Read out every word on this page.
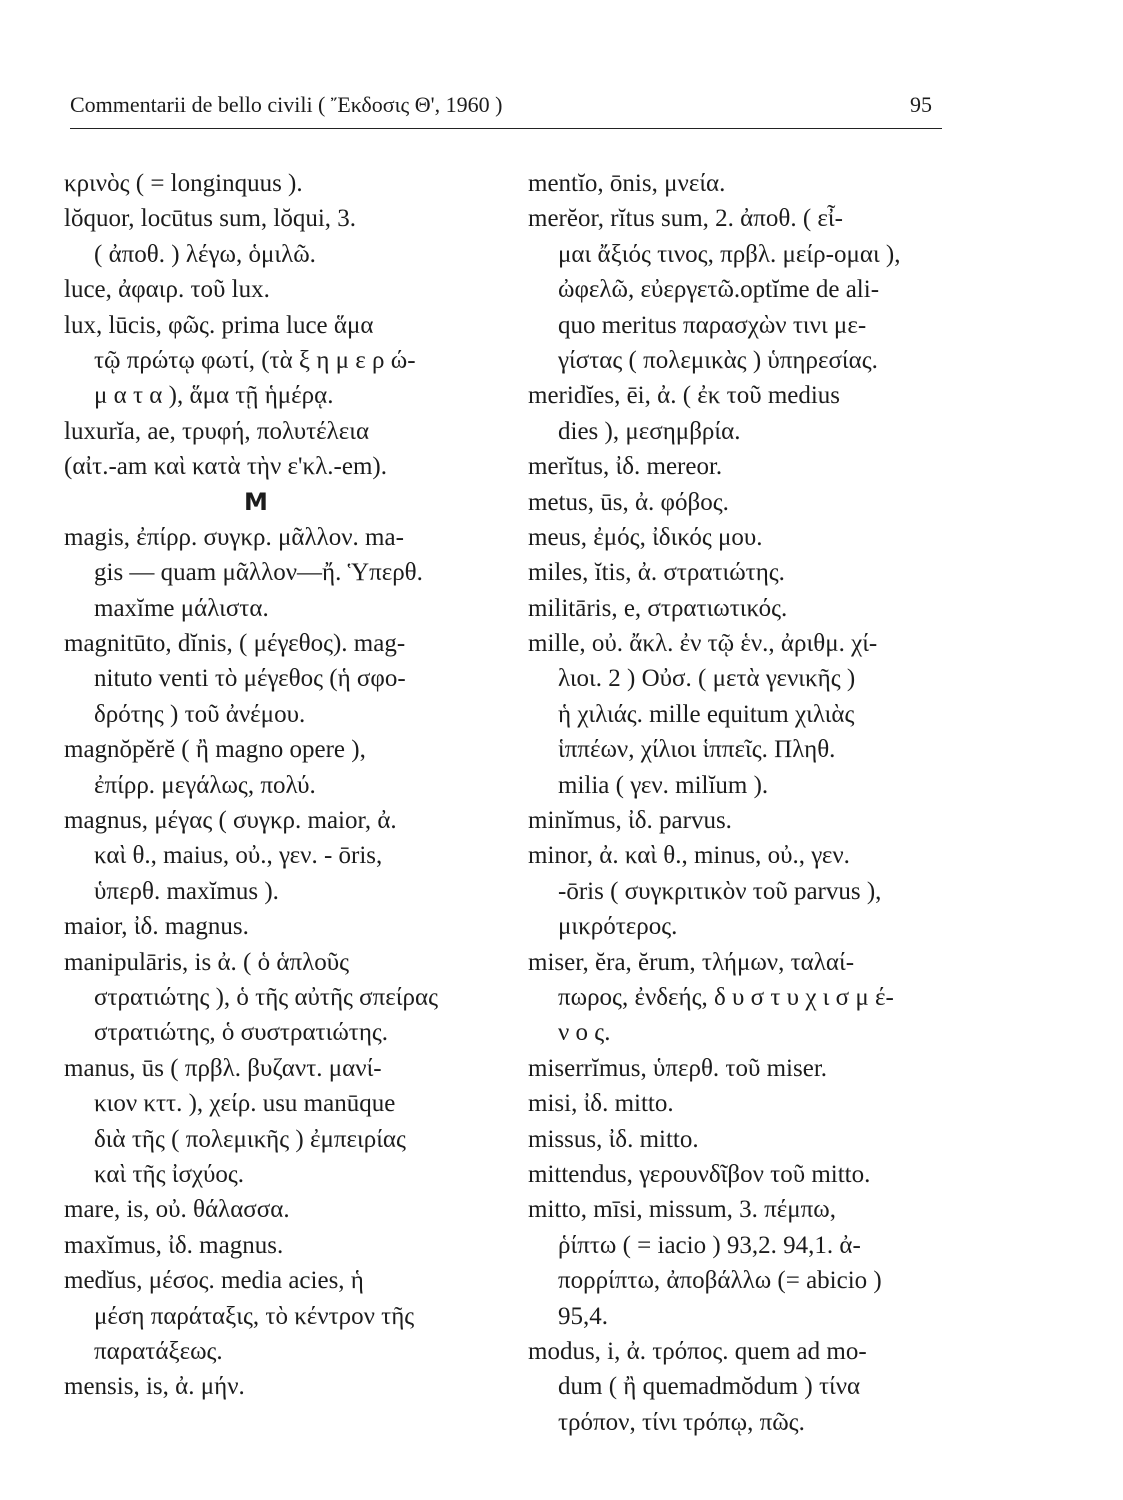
Commentarii de bello civili ( Ἔκδοσις Θ', 1960 )	95
κρινὸς ( = longinquus ).
lŏquor, locūtus sum, lŏqui, 3.
( ἀποθ. ) λέγω, ὁμιλῶ.
luce, ἀφαιρ. τοῦ lux.
lux, lūcis, φῶς. prima luce ἅμα
τῷ πρώτῳ φωτί, (τὰ ξ η μ ε ρ ώ-
μ α τ α ), ἅμα τῇ ἡμέρᾳ.
luxurĭa, ae, τρυφή, πολυτέλεια
(αἰτ.-am καὶ κατὰ τὴν ε'κλ.-em).
M
magis, ἐπίρρ. συγκρ. μᾶλλον. ma-
gis — quam μᾶλλον—ἤ. Ὑπερθ.
maxĭme μάλιστα.
magnitūto, dĭnis, ( μέγεθος). mag-
nituto venti τὸ μέγεθος (ἡ σφο-
δρότης ) τοῦ ἀνέμου.
magnŏpĕrĕ ( ἢ magno opere ),
ἐπίρρ. μεγάλως, πολύ.
magnus, μέγας ( συγκρ. maior, ἀ.
καὶ θ., maius, οὐ., γεν. - ōris,
ὑπερθ. maxĭmus ).
maior, ἰδ. magnus.
manipulāris, is ἀ. ( ὁ ἁπλοῦς
στρατιώτης ), ὁ τῆς αὐτῆς σπείρας
στρατιώτης, ὁ συστρατιώτης.
manus, ūs ( πρβλ. βυζαντ. μανί-
κιον κττ. ), χείρ. usu manūque
διὰ τῆς ( πολεμικῆς ) ἐμπειρίας
καὶ τῆς ἰσχύος.
mare, is, οὐ. θάλασσα.
maxĭmus, ἰδ. magnus.
medĭus, μέσος. media acies, ἡ
μέση παράταξις, τὸ κέντρον τῆς
παρατάξεως.
mensis, is, ἀ. μήν.
mentĭo, ōnis, μνεία.
merĕor, rĭtus sum, 2. ἀποθ. ( εἶ-
μαι ἄξιός τινος, πρβλ. μείρ-ομαι ),
ὠφελῶ, εὐεργετῶ.optĭme de ali-
quo meritus παρασχὼν τινι με-
γίστας ( πολεμικὰς ) ὑπηρεσίας.
meridĭes, ēi, ἀ. ( ἐκ τοῦ medius
dies ), μεσημβρία.
merĭtus, ἰδ. mereor.
metus, ūs, ἀ. φόβος.
meus, ἐμός, ἰδικός μου.
miles, ĭtis, ἀ. στρατιώτης.
militāris, e, στρατιωτικός.
mille, οὐ. ἄκλ. ἐν τῷ ἑν., ἀριθμ. χί-
λιοι. 2 ) Οὐσ. ( μετὰ γενικῆς )
ἡ χιλιάς. mille equitum χιλιὰς
ἱππέων, χίλιοι ἱππεῖς. Πληθ.
milia ( γεν. milĭum ).
minĭmus, ἰδ. parvus.
minor, ἀ. καὶ θ., minus, οὐ., γεν.
-ōris ( συγκριτικὸν τοῦ parvus ),
μικρότερος.
miser, ĕra, ĕrum, τλήμων, ταλαί-
πωρος, ἐνδεής, δ υ σ τ υ χ ι σ μ έ-
ν ο ς.
miserrĭmus, ὑπερθ. τοῦ miser.
misi, ἰδ. mitto.
missus, ἰδ. mitto.
mittendus, γερουνδῖβον τοῦ mitto.
mitto, mīsi, missum, 3. πέμπω,
ῥίπτω ( = iacio ) 93,2. 94,1. ἀ-
πορρίπτω, ἀποβάλλω (= abicio )
95,4.
modus, i, ἀ. τρόπος. quem ad mo-
dum ( ἢ quemadmŏdum ) τίνα
τρόπον, τίνι τρόπῳ, πῶς.
